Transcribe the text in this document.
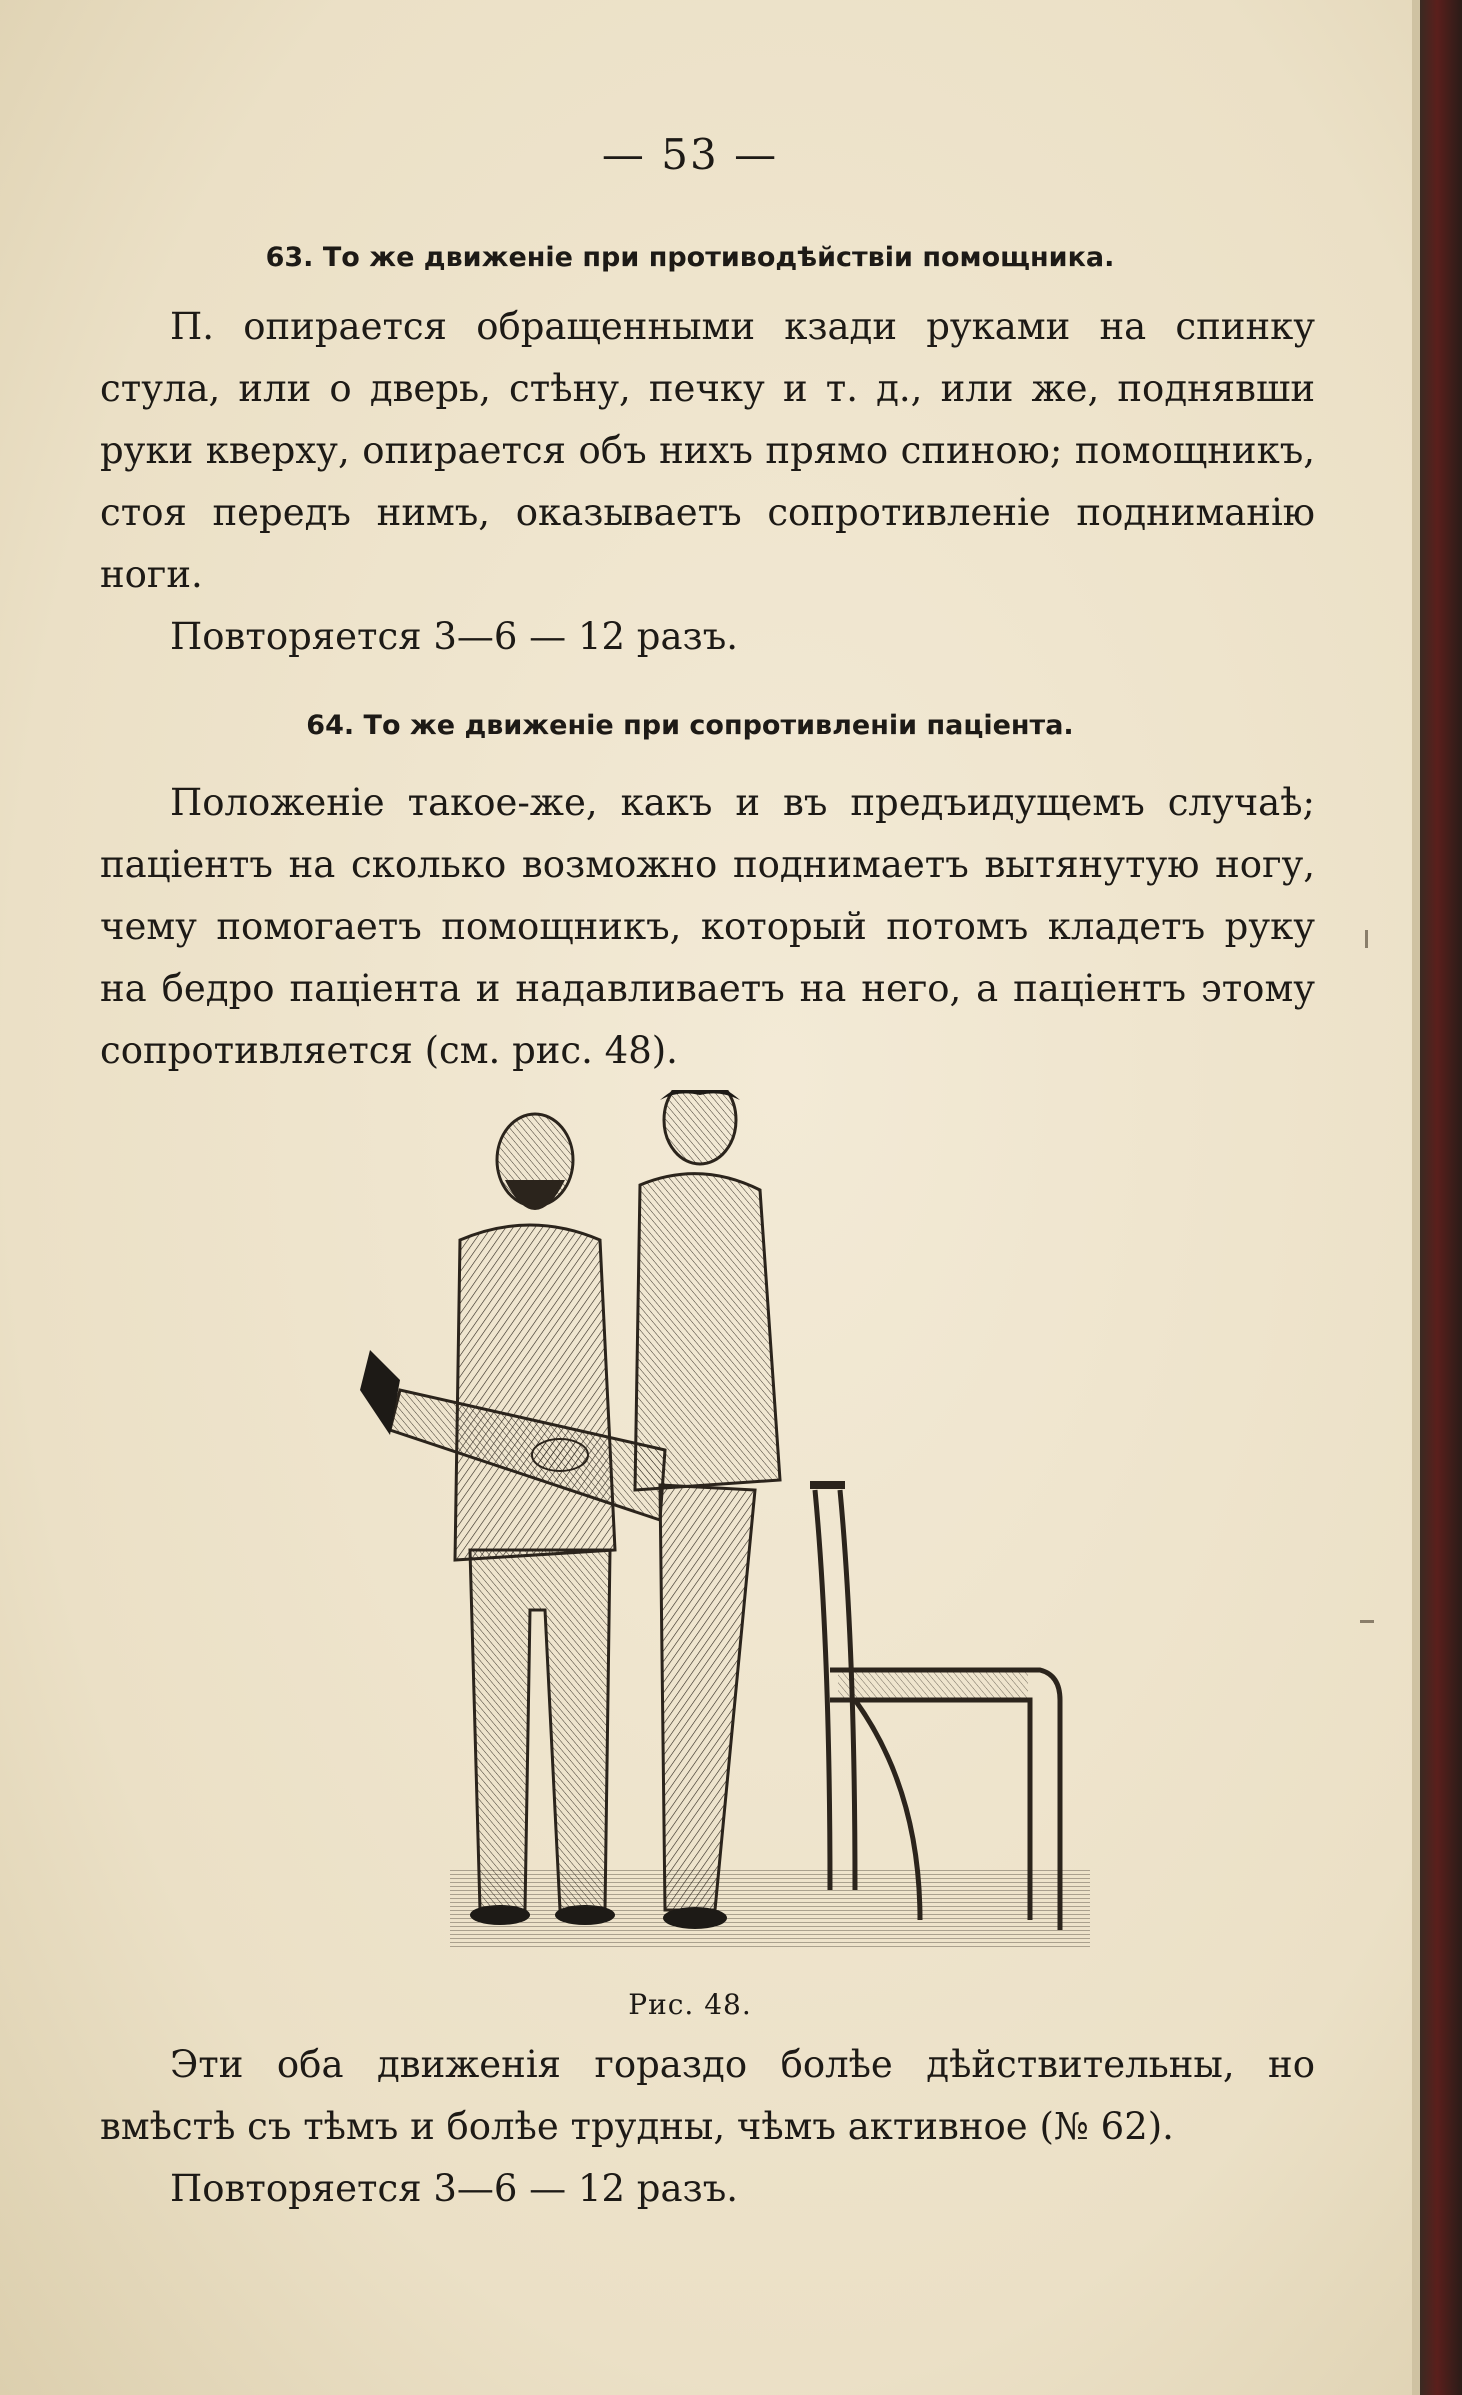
— 53 —
63. То же движеніе при противодѣйствіи помощника.

П. опирается обращенными кзади руками на спинку стула, или о дверь, стѣну, печку и т. д., или же, поднявши руки кверху, опирается объ нихъ прямо спиною; помощникъ, стоя передъ нимъ, оказываетъ сопротивленіе подниманію ноги.

Повторяется 3—6 — 12 разъ.

64. То же движеніе при сопротивленіи паціента.

Положеніе такое-же, какъ и въ предъидущемъ случаѣ; паціентъ на сколько возможно поднимаетъ вытянутую ногу, чему помогаетъ помощникъ, который потомъ кладетъ руку на бедро паціента и надавливаетъ на него, а паціентъ этому сопротивляется (см. рис. 48).

Рис. 48.

Эти оба движенія гораздо болѣе дѣйствительны, но вмѣстѣ съ тѣмъ и болѣе трудны, чѣмъ активное (№ 62).

Повторяется 3—6 — 12 разъ.
